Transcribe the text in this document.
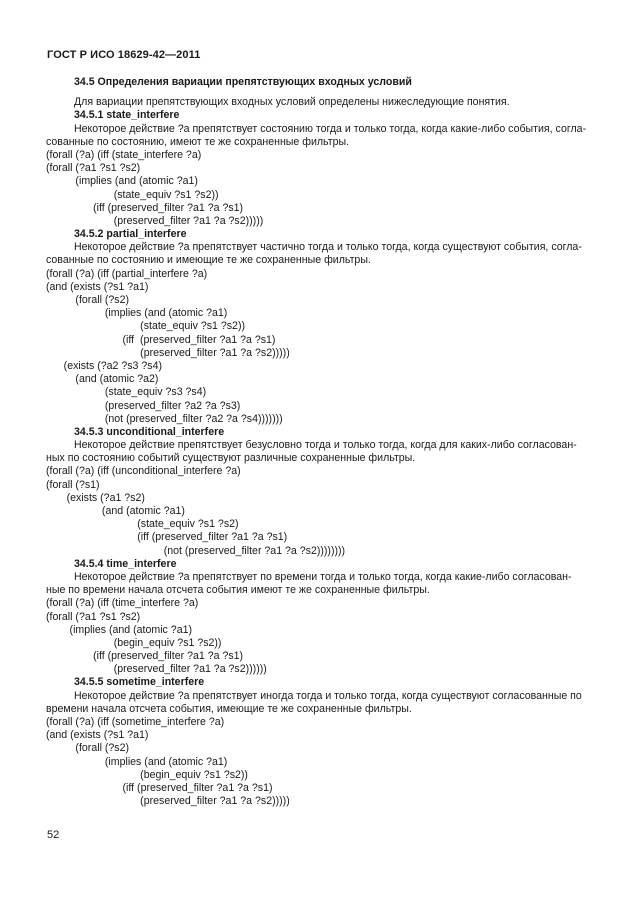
ГОСТ Р ИСО 18629-42—2011
34.5 Определения вариации препятствующих входных условий
Для вариации препятствующих входных условий определены нижеследующие понятия.
34.5.1 state_interfere
Некоторое действие ?a препятствует состоянию тогда и только тогда, когда какие-либо события, согла-
сованные по состоянию, имеют те же сохраненные фильтры.
(forall (?a) (iff (state_interfere ?a)
(forall (?a1 ?s1 ?s2)
(implies (and (atomic ?a1)
(state_equiv ?s1 ?s2))
(iff (preserved_filter ?a1 ?a ?s1)
(preserved_filter ?a1 ?a ?s2)))))
34.5.2 partial_interfere
Некоторое действие ?a препятствует частично тогда и только тогда, когда существуют события, согла-
сованные по состоянию и имеющие те же сохраненные фильтры.
(forall (?a) (iff (partial_interfere ?a)
(and (exists (?s1 ?a1)
(forall (?s2)
(implies (and (atomic ?a1)
(state_equiv ?s1 ?s2))
(iff  (preserved_filter ?a1 ?a ?s1)
(preserved_filter ?a1 ?a ?s2)))))
(exists (?a2 ?s3 ?s4)
(and (atomic ?a2)
(state_equiv ?s3 ?s4)
(preserved_filter ?a2 ?a ?s3)
(not (preserved_filter ?a2 ?a ?s4)))))))
34.5.3 unconditional_interfere
Некоторое действие препятствует безусловно тогда и только тогда, когда для каких-либо согласован-
ных по состоянию событий существуют различные сохраненные фильтры.
(forall (?a) (iff (unconditional_interfere ?a)
(forall (?s1)
(exists (?a1 ?s2)
(and (atomic ?a1)
(state_equiv ?s1 ?s2)
(iff (preserved_filter ?a1 ?a ?s1)
(not (preserved_filter ?a1 ?a ?s2))))))))
34.5.4 time_interfere
Некоторое действие ?a препятствует по времени тогда и только тогда, когда какие-либо согласован-
ные по времени начала отсчета события имеют те же сохраненные фильтры.
(forall (?a) (iff (time_interfere ?a)
(forall (?a1 ?s1 ?s2)
(implies (and (atomic ?a1)
(begin_equiv ?s1 ?s2))
(iff (preserved_filter ?a1 ?a ?s1)
(preserved_filter ?a1 ?a ?s2))))))
34.5.5 sometime_interfere
Некоторое действие ?a препятствует иногда тогда и только тогда, когда существуют согласованные по
времени начала отсчета события, имеющие те же сохраненные фильтры.
(forall (?a) (iff (sometime_interfere ?a)
(and (exists (?s1 ?a1)
(forall (?s2)
(implies (and (atomic ?a1)
(begin_equiv ?s1 ?s2))
(iff (preserved_filter ?a1 ?a ?s1)
(preserved_filter ?a1 ?a ?s2)))))
52
